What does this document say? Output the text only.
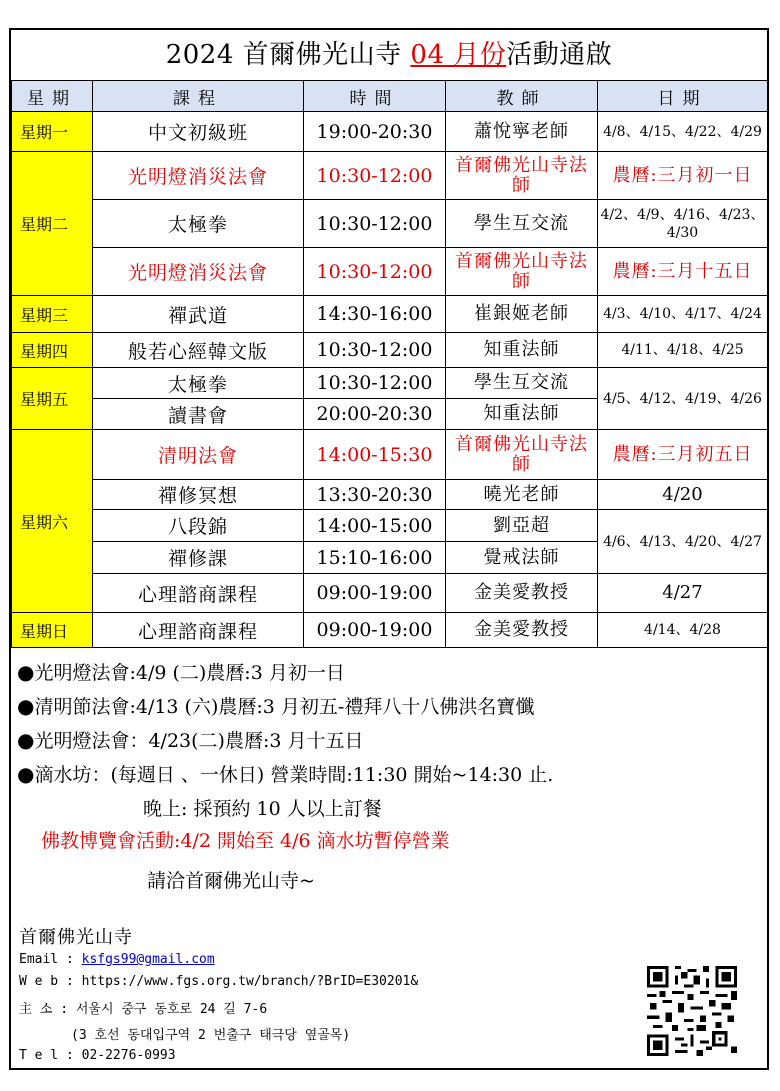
2024 首爾佛光山寺 04 月份活動通啟
星期	課程	時間	教師	日期
星期一	中文初級班	19:00-20:30	蕭悅寧老師	4/8、4/15、4/22、4/29
星期二	光明燈消災法會	10:30-12:00	首爾佛光山寺法師	農曆:三月初一日
	太極拳	10:30-12:00	學生互交流	4/2、4/9、4/16、4/23、4/30
	光明燈消災法會	10:30-12:00	首爾佛光山寺法師	農曆:三月十五日
星期三	禪武道	14:30-16:00	崔銀姬老師	4/3、4/10、4/17、4/24
星期四	般若心經韓文版	10:30-12:00	知重法師	4/11、4/18、4/25
星期五	太極拳	10:30-12:00	學生互交流	4/5、4/12、4/19、4/26
	讀書會	20:00-20:30	知重法師	
星期六	清明法會	14:00-15:30	首爾佛光山寺法師	農曆:三月初五日
	禪修冥想	13:30-20:30	曉光老師	4/20
	八段錦	14:00-15:00	劉亞超	4/6、4/13、4/20、4/27
	禪修課	15:10-16:00	覺戒法師	
	心理諮商課程	09:00-19:00	金美愛教授	4/27
星期日	心理諮商課程	09:00-19:00	金美愛教授	4/14、4/28
●光明燈法會:4/9 (二)農曆:3 月初一日
●清明節法會:4/13 (六)農曆:3 月初五-禮拜八十八佛洪名寶懺
●光明燈法會：4/23(二)農曆:3 月十五日
●滴水坊：(每週日 、一休日) 營業時間:11:30 開始~14:30 止.
晚上: 採預約 10 人以上訂餐
佛教博覽會活動:4/2 開始至 4/6 滴水坊暫停營業
請洽首爾佛光山寺~
首爾佛光山寺
Email : ksfgs99@gmail.com
W e b : https://www.fgs.org.tw/branch/?BrID=E30201&
主 소 : 서울시 중구 동호로 24 길 7-6
(3 호선 동대입구역 2 번출구 태극당 옆골목)
T e l : 02-2276-0993
